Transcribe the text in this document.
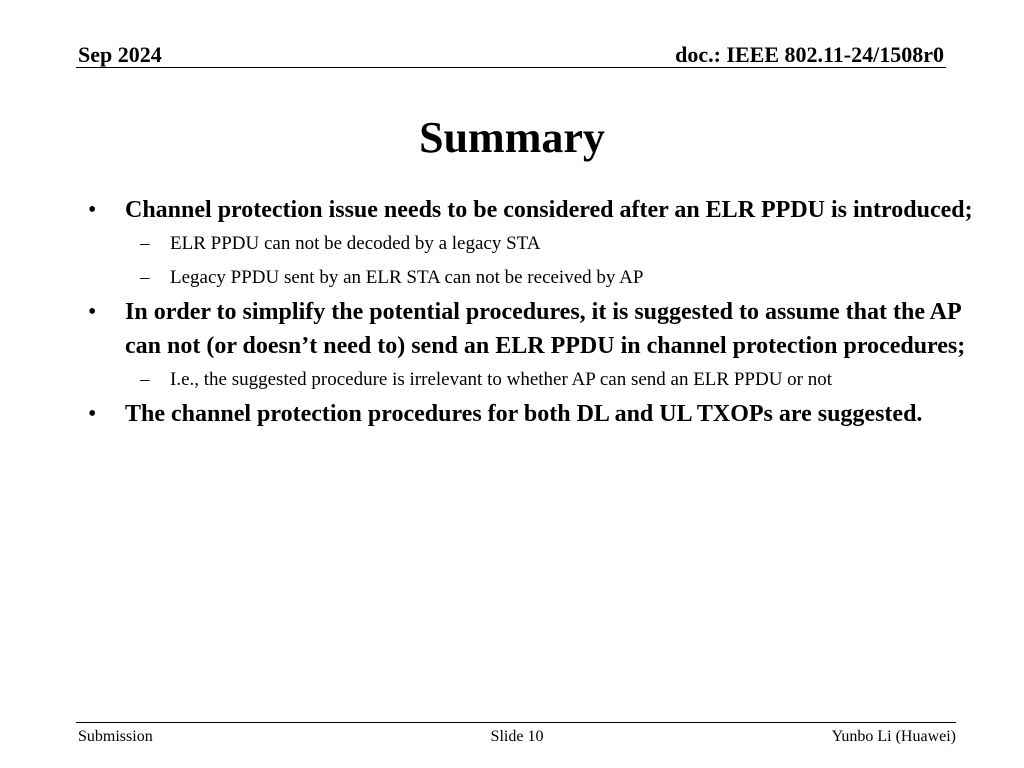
Sep 2024	doc.: IEEE 802.11-24/1508r0
Summary

• Channel protection issue needs to be considered after an ELR PPDU is introduced;

– ELR PPDU can not be decoded by a legacy STA

– Legacy PPDU sent by an ELR STA can not be received by AP

• In order to simplify the potential procedures, it is suggested to assume that the AP can not (or doesn’t need to) send an ELR PPDU in channel protection procedures;

– I.e., the suggested procedure is irrelevant to whether AP can send an ELR PPDU or not

• The channel protection procedures for both DL and UL TXOPs are suggested.

Submission	Slide 10	Yunbo Li (Huawei)
